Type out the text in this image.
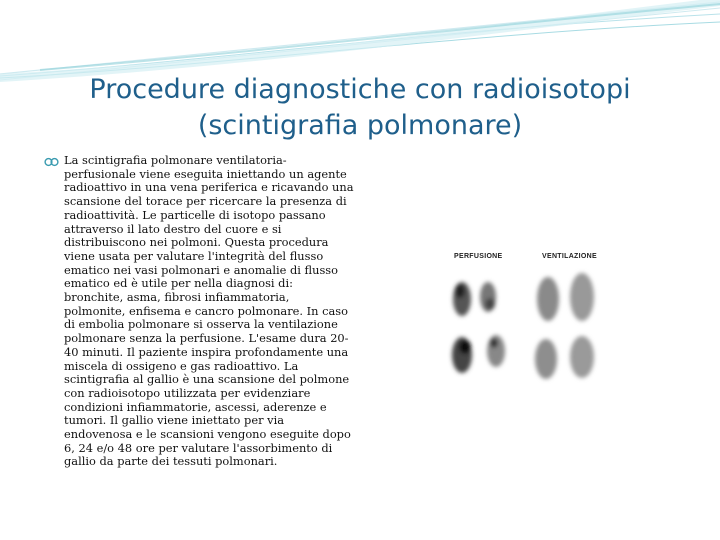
Procedure diagnostiche con radioisotopi
(scintigrafia polmonare)
La scintigrafia polmonare ventilatoria-perfusionale viene eseguita iniettando un agente radioattivo in una vena periferica e ricavando una scansione del torace per ricercare la presenza di radioattività. Le particelle di isotopo passano attraverso il lato destro del cuore e si distribuiscono nei polmoni. Questa procedura viene usata per valutare l'integrità del flusso ematico nei vasi polmonari e anomalie di flusso ematico ed è utile per nella diagnosi di: bronchite, asma, fibrosi infiammatoria, polmonite, enfisema e cancro polmonare. In caso di embolia polmonare si osserva la ventilazione polmonare senza la perfusione. L'esame dura 20-40 minuti. Il paziente inspira profondamente una miscela di ossigeno e gas radioattivo. La scintigrafia al gallio è una scansione del polmone con radioisotopo utilizzata per evidenziare condizioni infiammatorie, ascessi, aderenze e tumori. Il gallio viene iniettato per via endovenosa e le scansioni vengono eseguite dopo 6, 24 e/o 48 ore per valutare l'assorbimento di gallio da parte dei tessuti polmonari.
PERFUSIONE	VENTILAZIONE
